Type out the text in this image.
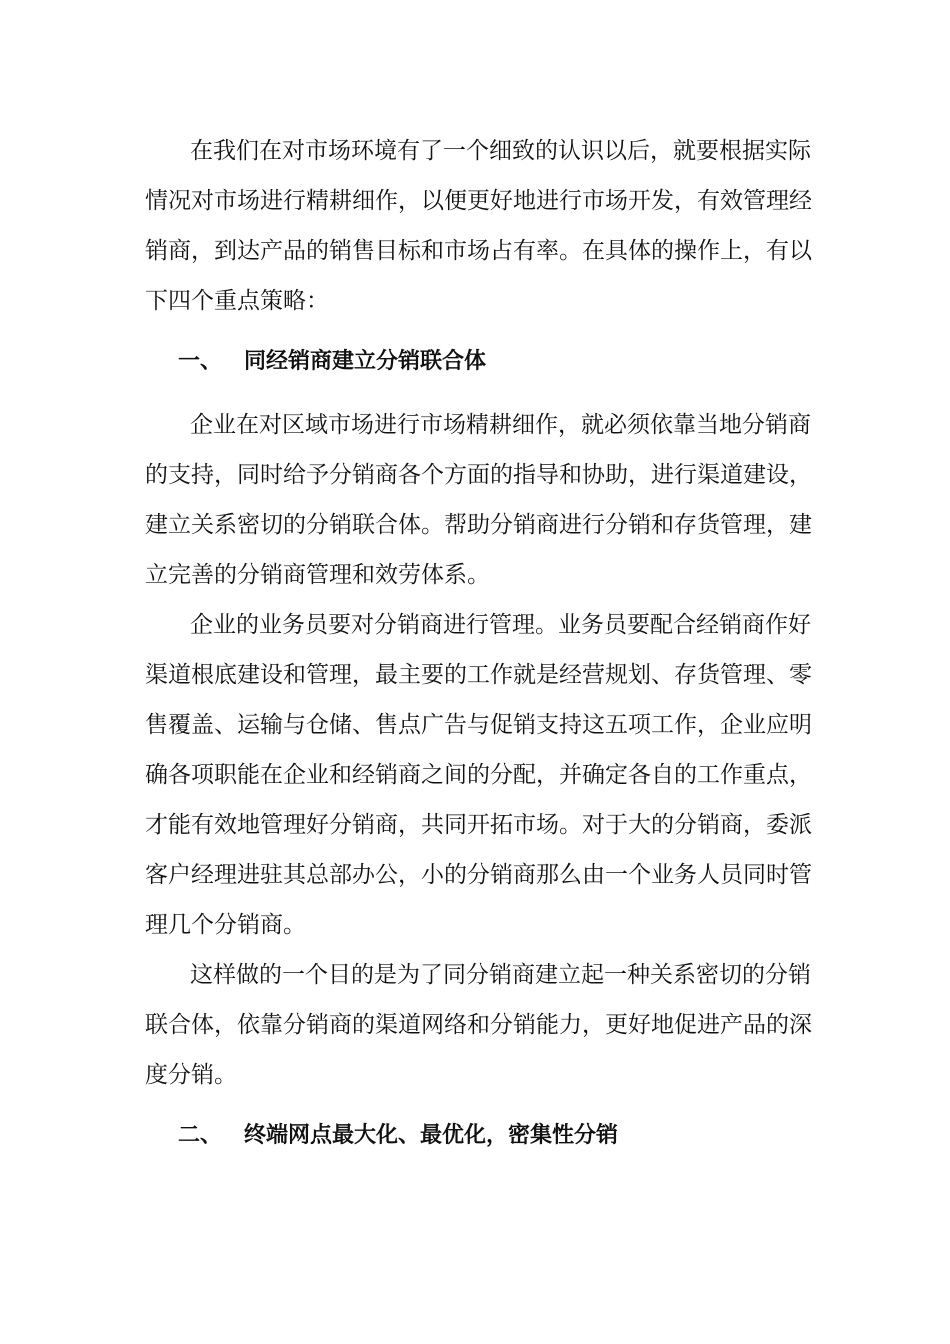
在我们在对市场环境有了一个细致的认识以后，就要根据实际
情况对市场进行精耕细作，以便更好地进行市场开发，有效管理经
销商，到达产品的销售目标和市场占有率。在具体的操作上，有以
下四个重点策略：
一、 同经销商建立分销联合体
企业在对区域市场进行市场精耕细作，就必须依靠当地分销商
的支持，同时给予分销商各个方面的指导和协助，进行渠道建设，
建立关系密切的分销联合体。帮助分销商进行分销和存货管理，建
立完善的分销商管理和效劳体系。
企业的业务员要对分销商进行管理。业务员要配合经销商作好
渠道根底建设和管理，最主要的工作就是经营规划、存货管理、零
售覆盖、运输与仓储、售点广告与促销支持这五项工作，企业应明
确各项职能在企业和经销商之间的分配，并确定各自的工作重点，
才能有效地管理好分销商，共同开拓市场。对于大的分销商，委派
客户经理进驻其总部办公，小的分销商那么由一个业务人员同时管
理几个分销商。
这样做的一个目的是为了同分销商建立起一种关系密切的分销
联合体，依靠分销商的渠道网络和分销能力，更好地促进产品的深
度分销。
二、 终端网点最大化、最优化，密集性分销
